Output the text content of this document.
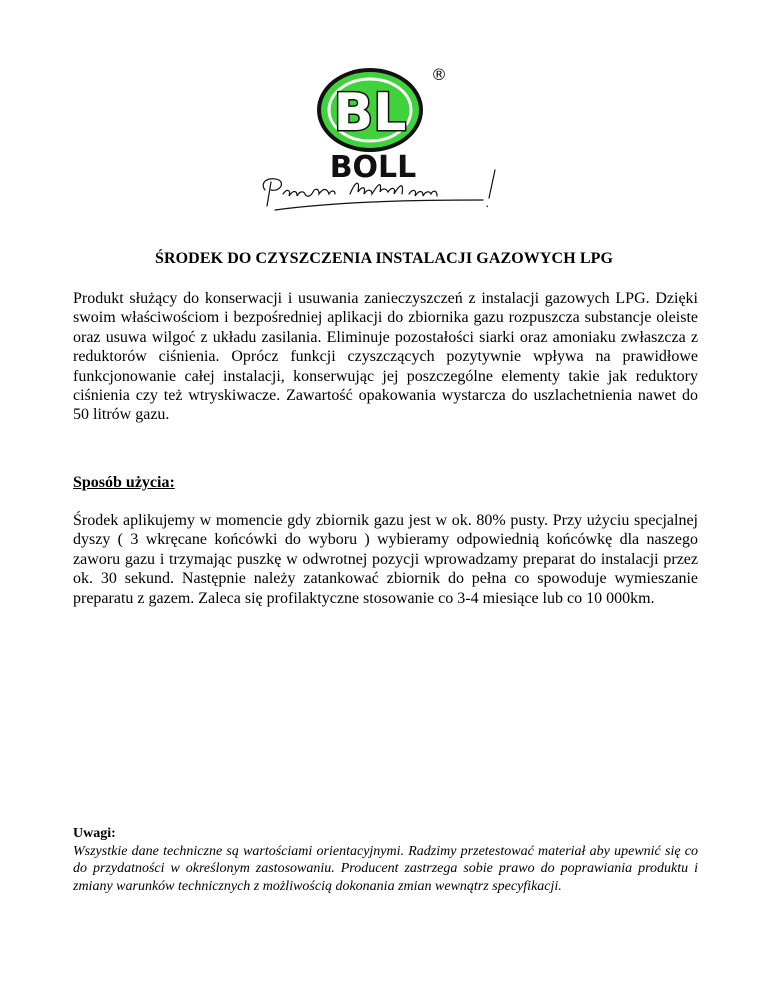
BL
®
BOLL
ŚRODEK DO CZYSZCZENIA INSTALACJI GAZOWYCH LPG
Produkt służący do konserwacji i usuwania zanieczyszczeń z instalacji gazowych LPG. Dzięki swoim właściwościom i bezpośredniej aplikacji do zbiornika gazu rozpuszcza substancje oleiste oraz usuwa wilgoć z układu zasilania. Eliminuje pozostałości siarki oraz amoniaku zwłaszcza z reduktorów ciśnienia. Oprócz funkcji czyszczących pozytywnie wpływa na prawidłowe funkcjonowanie całej instalacji, konserwując jej poszczególne elementy takie jak reduktory ciśnienia czy też wtryskiwacze. Zawartość opakowania wystarcza do uszlachetnienia nawet do 50 litrów gazu.
Sposób użycia:
Środek aplikujemy w momencie gdy zbiornik gazu jest w ok. 80% pusty. Przy użyciu specjalnej dyszy ( 3 wkręcane końcówki do wyboru ) wybieramy odpowiednią końcówkę dla naszego zaworu gazu i trzymając puszkę w odwrotnej pozycji wprowadzamy preparat do instalacji przez ok. 30 sekund. Następnie należy zatankować zbiornik do pełna co spowoduje wymieszanie preparatu z gazem. Zaleca się profilaktyczne stosowanie co 3-4 miesiące lub co 10 000km.
Uwagi:
Wszystkie dane techniczne są wartościami orientacyjnymi. Radzimy przetestować materiał aby upewnić się co do przydatności w określonym zastosowaniu. Producent zastrzega sobie prawo do poprawiania produktu i zmiany warunków technicznych z możliwością dokonania zmian wewnątrz specyfikacji.
